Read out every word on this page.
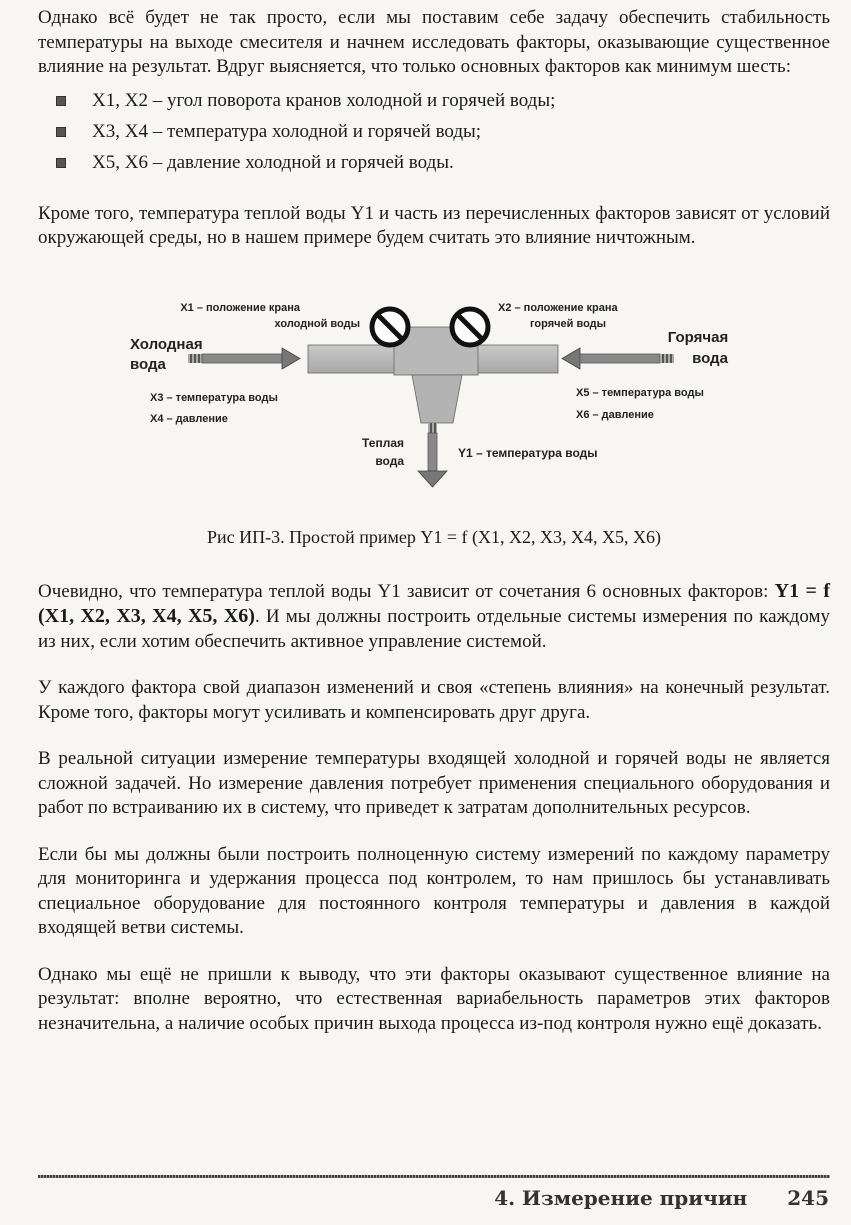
Однако всё будет не так просто, если мы поставим себе задачу обеспечить стабильность температуры на выходе смесителя и начнем исследовать факторы, оказывающие существенное влияние на результат. Вдруг выясняется, что только основных факторов как минимум шесть:

X1, X2 – угол поворота кранов холодной и горячей воды;
X3, X4 – температура холодной и горячей воды;
X5, X6 – давление холодной и горячей воды.

Кроме того, температура теплой воды Y1 и часть из перечисленных факторов зависят от условий окружающей среды, но в нашем примере будем считать это влияние ничтожным.

X1 – положение крана
холодной воды
X2 – положение крана
горячей воды
Холодная
вода
Горячая
вода
X3 – температура воды
X4 – давление
X5 – температура воды
X6 – давление
Теплая
вода
Y1 – температура воды
Рис ИП-3. Простой пример Y1 = f (X1, X2, X3, X4, X5, X6)

Очевидно, что температура теплой воды Y1 зависит от сочетания 6 основных факторов: Y1 = f (X1, X2, X3, X4, X5, X6). И мы должны построить отдельные системы измерения по каждому из них, если хотим обеспечить активное управление системой.

У каждого фактора свой диапазон изменений и своя «степень влияния» на конечный результат. Кроме того, факторы могут усиливать и компенсировать друг друга.

В реальной ситуации измерение температуры входящей холодной и горячей воды не является сложной задачей. Но измерение давления потребует применения специального оборудования и работ по встраиванию их в систему, что приведет к затратам дополнительных ресурсов.

Если бы мы должны были построить полноценную систему измерений по каждому параметру для мониторинга и удержания процесса под контролем, то нам пришлось бы устанавливать специальное оборудование для постоянного контроля температуры и давления в каждой входящей ветви системы.

Однако мы ещё не пришли к выводу, что эти факторы оказывают существенное влияние на результат: вполне вероятно, что естественная вариабельность параметров этих факторов незначительна, а наличие особых причин выхода процесса из-под контроля нужно ещё доказать.

4. Измерение причин 245
